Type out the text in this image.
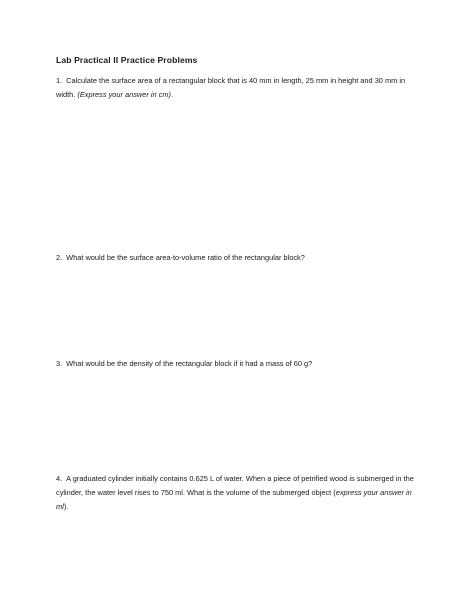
Lab Practical II Practice Problems
1. Calculate the surface area of a rectangular block that is 40 mm in length, 25 mm in height and 30 mm in width. (Express your answer in cm).
2. What would be the surface area-to-volume ratio of the rectangular block?
3. What would be the density of the rectangular block if it had a mass of 60 g?
4. A graduated cylinder initially contains 0.625 L of water. When a piece of petrified wood is submerged in the cylinder, the water level rises to 750 ml. What is the volume of the submerged object (express your answer in ml).
